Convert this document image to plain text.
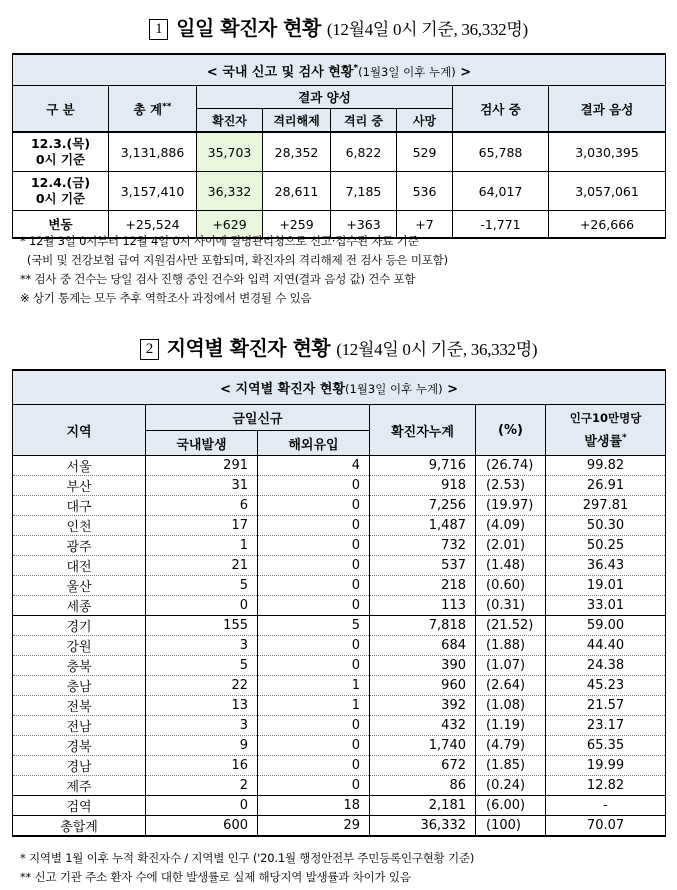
1 일일 확진자 현황 (12월4일 0시 기준, 36,332명)
< 국내 신고 및 검사 현황*(1월3일 이후 누계) >							
구 분	총 계**	결과 양성				검사 중	결과 음성
		확진자	격리해제	격리 중	사망		

12.3.(목)
0시 기준	3,131,886	35,703	28,352	6,822	529	65,788	3,030,395

12.4.(금)
0시 기준	3,157,410	36,332	28,611	7,185	536	64,017	3,057,061
변동	+25,524	+629	+259	+363	+7	-1,771	+26,666
* 12월 3일 0시부터 12월 4일 0시 사이에 질병관리청으로 신고·접수된 자료 기준
(국비 및 건강보험 급여 지원검사만 포함되며, 확진자의 격리해제 전 검사 등은 미포함)
** 검사 중 건수는 당일 검사 진행 중인 건수와 입력 지연(결과 음성 값) 건수 포함
※ 상기 통계는 모두 추후 역학조사 과정에서 변경될 수 있음
2 지역별 확진자 현황 (12월4일 0시 기준, 36,332명)
< 지역별 확진자 현황(1월3일 이후 누계) >					
지역	금일신규		확진자누계	(%)	인구10만명당
발생률*

	국내발생	해외유입			
서울	291	4	9,716	(26.74)	99.82
부산	31	0	918	(2.53)	26.91
대구	6	0	7,256	(19.97)	297.81
인천	17	0	1,487	(4.09)	50.30
광주	1	0	732	(2.01)	50.25
대전	21	0	537	(1.48)	36.43
울산	5	0	218	(0.60)	19.01
세종	0	0	113	(0.31)	33.01
경기	155	5	7,818	(21.52)	59.00
강원	3	0	684	(1.88)	44.40
충북	5	0	390	(1.07)	24.38
충남	22	1	960	(2.64)	45.23
전북	13	1	392	(1.08)	21.57
전남	3	0	432	(1.19)	23.17
경북	9	0	1,740	(4.79)	65.35
경남	16	0	672	(1.85)	19.99
제주	2	0	86	(0.24)	12.82
검역	0	18	2,181	(6.00)	-
총합계	600	29	36,332	(100)	70.07
* 지역별 1월 이후 누적 확진자수 / 지역별 인구 ('20.1월 행정안전부 주민등록인구현황 기준)
** 신고 기관 주소 환자 수에 대한 발생률로 실제 해당지역 발생률과 차이가 있음
